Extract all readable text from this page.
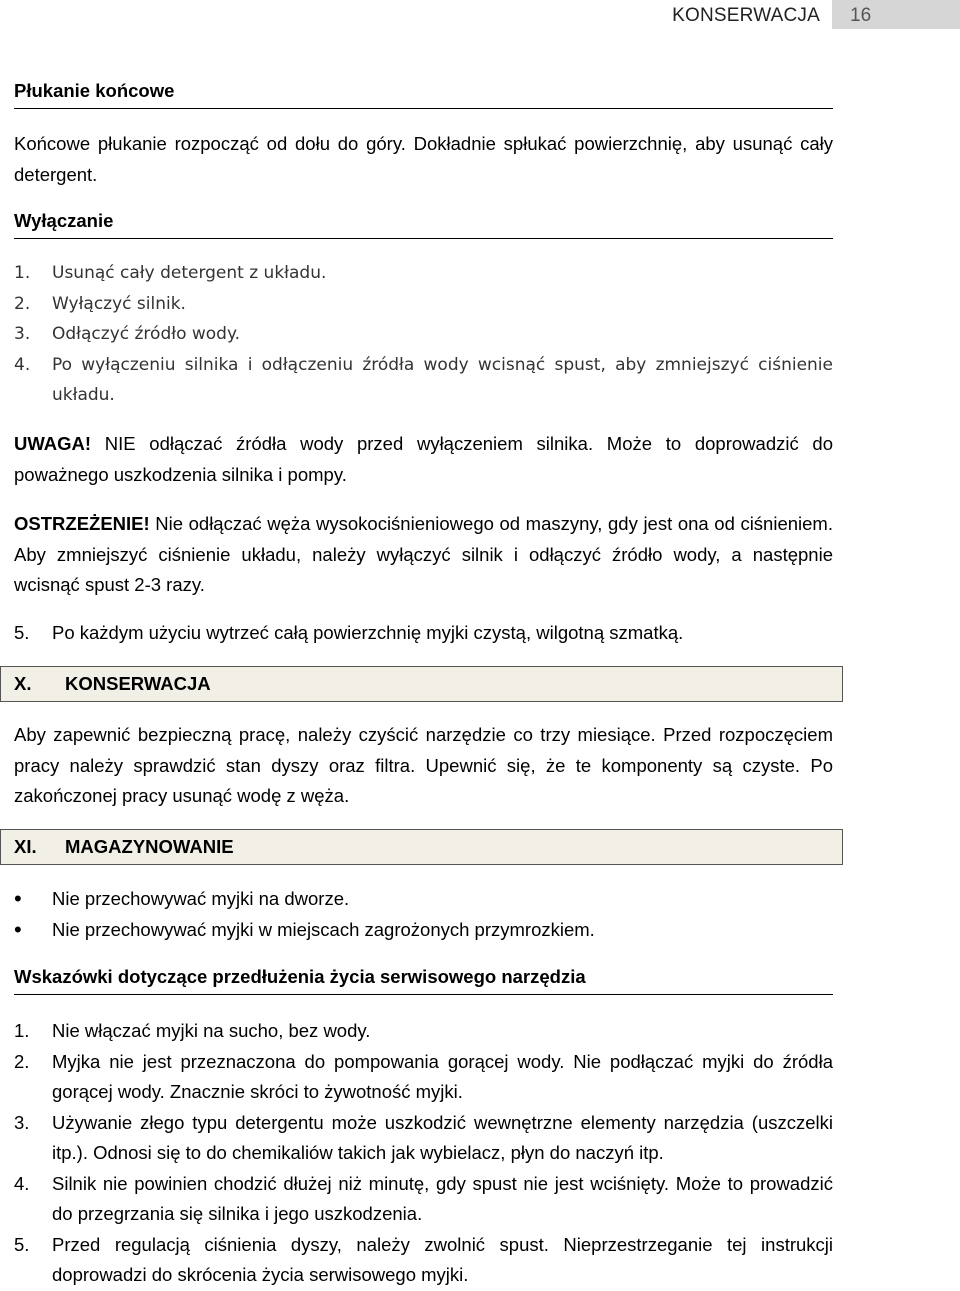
KONSERWACJA	16
Płukanie końcowe

Końcowe płukanie rozpocząć od dołu do góry. Dokładnie spłukać powierzchnię, aby usunąć cały detergent.

Wyłączanie
1.	Usunąć cały detergent z układu.
2.	Wyłączyć silnik.
3.	Odłączyć źródło wody.
4.	Po wyłączeniu silnika i odłączeniu źródła wody wcisnąć spust, aby zmniejszyć ciśnienie układu.

UWAGA! NIE odłączać źródła wody przed wyłączeniem silnika. Może to doprowadzić do poważnego uszkodzenia silnika i pompy.

OSTRZEŻENIE! Nie odłączać węża wysokociśnieniowego od maszyny, gdy jest ona od ciśnieniem. Aby zmniejszyć ciśnienie układu, należy wyłączyć silnik i odłączyć źródło wody, a następnie wcisnąć spust 2-3 razy.

5.	Po każdym użyciu wytrzeć całą powierzchnię myjki czystą, wilgotną szmatką.
X. KONSERWACJA

Aby zapewnić bezpieczną pracę, należy czyścić narzędzie co trzy miesiące. Przed rozpoczęciem pracy należy sprawdzić stan dyszy oraz filtra. Upewnić się, że te komponenty są czyste. Po zakończonej pracy usunąć wodę z węża.

XI. MAGAZYNOWANIE
•	Nie przechowywać myjki na dworze.
•	Nie przechowywać myjki w miejscach zagrożonych przymrozkiem.
Wskazówki dotyczące przedłużenia życia serwisowego narzędzia
1.	Nie włączać myjki na sucho, bez wody.
2.	Myjka nie jest przeznaczona do pompowania gorącej wody. Nie podłączać myjki do źródła gorącej wody. Znacznie skróci to żywotność myjki.
3.	Używanie złego typu detergentu może uszkodzić wewnętrzne elementy narzędzia (uszczelki itp.). Odnosi się to do chemikaliów takich jak wybielacz, płyn do naczyń itp.
4.	Silnik nie powinien chodzić dłużej niż minutę, gdy spust nie jest wciśnięty. Może to prowadzić do przegrzania się silnika i jego uszkodzenia.
5.	Przed regulacją ciśnienia dyszy, należy zwolnić spust. Nieprzestrzeganie tej instrukcji doprowadzi do skrócenia życia serwisowego myjki.
